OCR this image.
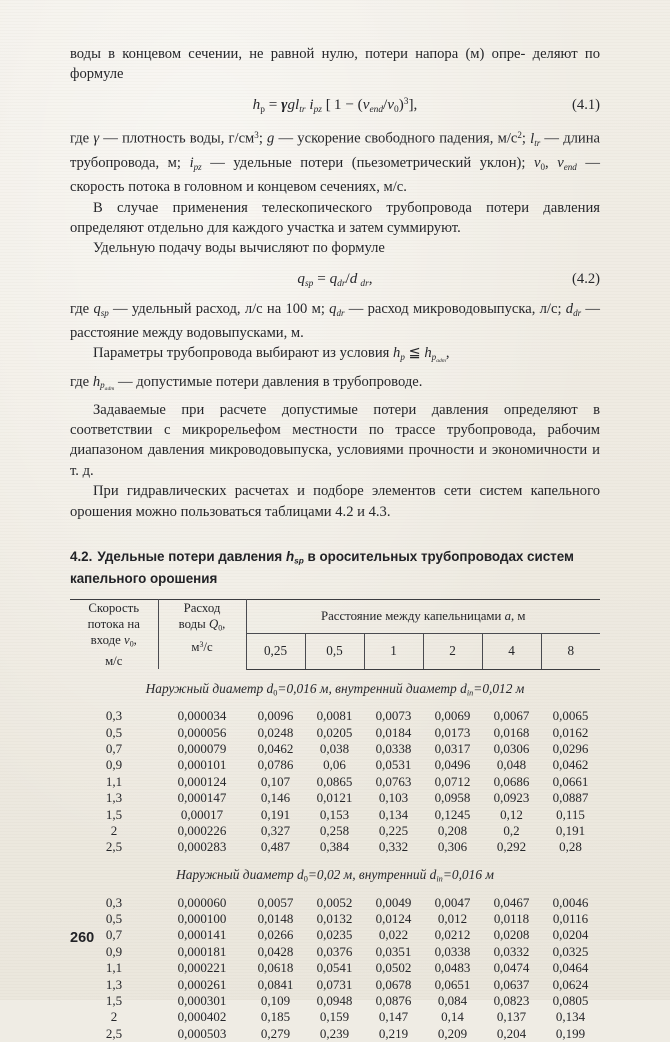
воды в концевом сечении, не равной нулю, потери напора (м) опре- деляют по формуле

$h_р = \gamma gl_{tr}$ $i_{pz}$ [ $1 - (v_{end}/v_0)^3$],	(4.1)

где γ — плотность воды, $г/см^3$; g — ускорение свободного падения, $м/с^2$; $l_{tr}$ — длина трубопровода, м; $i_{pz}$ — удельные потери (пьезометрический уклон); $v_0$, $v_{end}$ — скорость потока в головном и концевом сечениях, м/с.

В случае применения телескопического трубопровода потери давления определяют отдельно для каждого участка и затем суммируют.

Удельную подачу воды вычисляют по формуле

$q_{sp} = q_{dr}/d$  $_{dr}$,	(4.2)

где $q_{sp}$ — удельный расход, л/с на 100 м; $q_{dr}$ — расход микроводовыпуска, л/с; $d_{dr}$ — расстояние между водовыпусками, м.

Параметры трубопровода выбирают из условия $h_p$ ≦ $h_{p_{adm}}$,

где $h_{p_{adm}}$ — допустимые потери давления в трубопроводе.

Задаваемые при расчете допустимые потери давления определяют в соответствии с микрорельефом местности по трассе трубопровода, рабочим диапазоном давления микроводовыпуска, условиями прочности и экономичности и т. д.

При гидравлических расчетах и подборе элементов сети систем капельного орошения можно пользоваться таблицами 4.2 и 4.3.

4.2. Удельные потери давления $h_{sp}$ в оросительных трубопроводах систем
капельного орошения
Скорость
потока на
входе $v_0$,
м/с	Расход
воды $Q_0$,
$м^3/с$	Расстояние между капельницами a, м					
		0,25	0,5	1	2	4	8
Наружный диаметр $d_0=0,016$ м, внутренний диаметр $d_{in}=0,012$ м							
0,3	0,000034	0,0096	0,0081	0,0073	0,0069	0,0067	0,0065
0,5	0,000056	0,0248	0,0205	0,0184	0,0173	0,0168	0,0162
0,7	0,000079	0,0462	0,038	0,0338	0,0317	0,0306	0,0296
0,9	0,000101	0,0786	0,06	0,0531	0,0496	0,048	0,0462
1,1	0,000124	0,107	0,0865	0,0763	0,0712	0,0686	0,0661
1,3	0,000147	0,146	0,0121	0,103	0,0958	0,0923	0,0887
1,5	0,00017	0,191	0,153	0,134	0,1245	0,12	0,115
2	0,000226	0,327	0,258	0,225	0,208	0,2	0,191
2,5	0,000283	0,487	0,384	0,332	0,306	0,292	0,28
Наружный диаметр $d_0=0,02$ м, внутренний $d_{in}=0,016$ м							
0,3	0,000060	0,0057	0,0052	0,0049	0,0047	0,0467	0,0046
0,5	0,000100	0,0148	0,0132	0,0124	0,012	0,0118	0,0116
0,7	0,000141	0,0266	0,0235	0,022	0,0212	0,0208	0,0204
0,9	0,000181	0,0428	0,0376	0,0351	0,0338	0,0332	0,0325
1,1	0,000221	0,0618	0,0541	0,0502	0,0483	0,0474	0,0464
1,3	0,000261	0,0841	0,0731	0,0678	0,0651	0,0637	0,0624
1,5	0,000301	0,109	0,0948	0,0876	0,084	0,0823	0,0805
2	0,000402	0,185	0,159	0,147	0,14	0,137	0,134
2,5	0,000503	0,279	0,239	0,219	0,209	0,204	0,199
260
